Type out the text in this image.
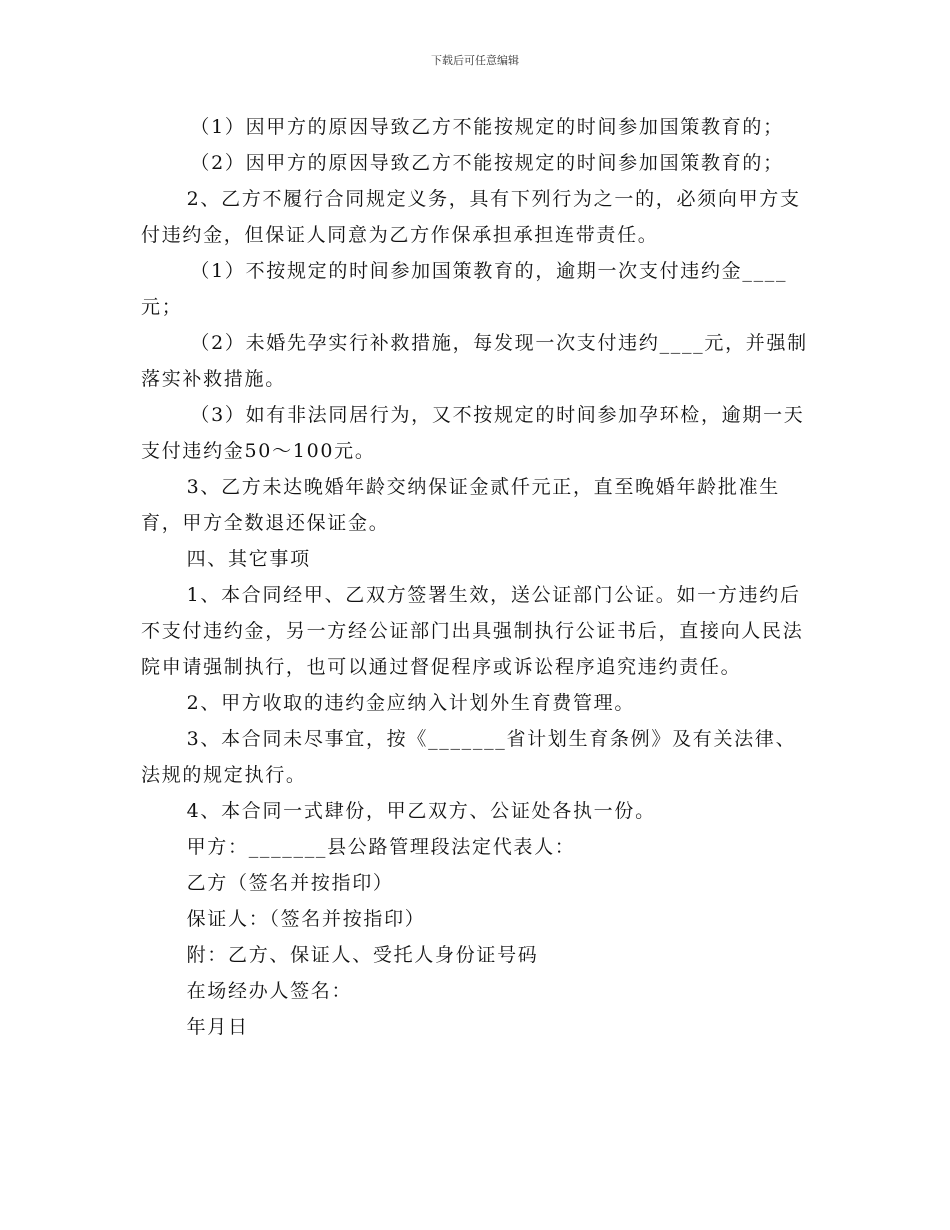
下载后可任意编辑

（1）因甲方的原因导致乙方不能按规定的时间参加国策教育的；

（2）因甲方的原因导致乙方不能按规定的时间参加国策教育的；

2、乙方不履行合同规定义务，具有下列行为之一的，必须向甲方支付违约金，但保证人同意为乙方作保承担承担连带责任。

（1）不按规定的时间参加国策教育的，逾期一次支付违约金____元；

（2）未婚先孕实行补救措施，每发现一次支付违约____元，并强制落实补救措施。

（3）如有非法同居行为，又不按规定的时间参加孕环检，逾期一天支付违约金50～100元。

3、乙方未达晚婚年龄交纳保证金贰仟元正，直至晚婚年龄批准生育，甲方全数退还保证金。

四、其它事项

1、本合同经甲、乙双方签署生效，送公证部门公证。如一方违约后不支付违约金，另一方经公证部门出具强制执行公证书后，直接向人民法院申请强制执行，也可以通过督促程序或诉讼程序追究违约责任。

2、甲方收取的违约金应纳入计划外生育费管理。

3、本合同未尽事宜，按《_______省计划生育条例》及有关法律、法规的规定执行。

4、本合同一式肆份，甲乙双方、公证处各执一份。

甲方：_______县公路管理段法定代表人：

乙方（签名并按指印）

保证人：（签名并按指印）

附：乙方、保证人、受托人身份证号码

在场经办人签名：

年月日
